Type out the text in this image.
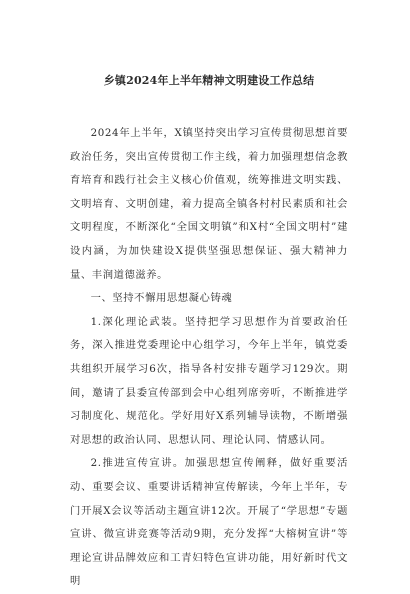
乡镇2024年上半年精神文明建设工作总结

2024年上半年，X镇坚持突出学习宣传贯彻思想首要政治任务，突出宣传贯彻工作主线，着力加强理想信念教育培育和践行社会主义核心价值观，统筹推进文明实践、文明培育、文明创建，着力提高全镇各村村民素质和社会文明程度，不断深化“全国文明镇”和X村“全国文明村”建设内涵，为加快建设X提供坚强思想保证、强大精神力量、丰润道德滋养。

一、坚持不懈用思想凝心铸魂

1.深化理论武装。坚持把学习思想作为首要政治任务，深入推进党委理论中心组学习，今年上半年，镇党委共组织开展学习6次，指导各村安排专题学习129次。期间，邀请了县委宣传部到会中心组列席旁听，不断推进学习制度化、规范化。学好用好X系列辅导读物，不断增强对思想的政治认同、思想认同、理论认同、情感认同。

2.推进宣传宣讲。加强思想宣传阐释，做好重要活动、重要会议、重要讲话精神宣传解读，今年上半年，专门开展X会议等活动主题宣讲12次。开展了“学思想”专题宣讲、微宣讲竞赛等活动9期，充分发挥“大榕树宣讲”等理论宣讲品牌效应和工青妇特色宣讲功能，用好新时代文明
